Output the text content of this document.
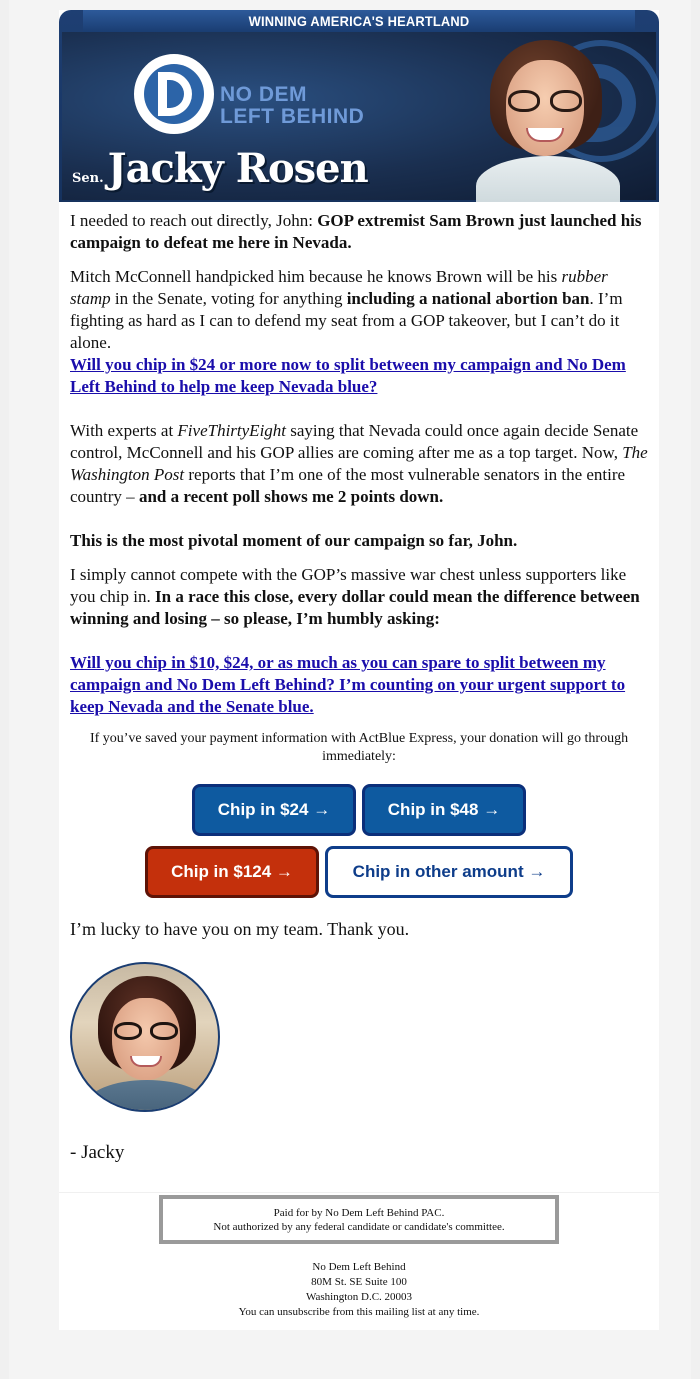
WINNING AMERICA'S HEARTLAND
NO DEM
LEFT BEHIND
Sen. Jacky Rosen

I needed to reach out directly, John: GOP extremist Sam Brown just launched his campaign to defeat me here in Nevada.

Mitch McConnell handpicked him because he knows Brown will be his rubber stamp in the Senate, voting for anything including a national abortion ban. I’m fighting as hard as I can to defend my seat from a GOP takeover, but I can’t do it alone.

Will you chip in $24 or more now to split between my campaign and No Dem Left Behind to help me keep Nevada blue?

With experts at FiveThirtyEight saying that Nevada could once again decide Senate control, McConnell and his GOP allies are coming after me as a top target. Now, The Washington Post reports that I’m one of the most vulnerable senators in the entire country – and a recent poll shows me 2 points down.

This is the most pivotal moment of our campaign so far, John.

I simply cannot compete with the GOP’s massive war chest unless supporters like you chip in. In a race this close, every dollar could mean the difference between winning and losing – so please, I’m humbly asking:

Will you chip in $10, $24, or as much as you can spare to split between my campaign and No Dem Left Behind? I’m counting on your urgent support to keep Nevada and the Senate blue.

If you’ve saved your payment information with ActBlue Express, your donation will go through immediately:
Chip in $24 →	Chip in $48 →
Chip in $124 →	Chip in other amount →
I’m lucky to have you on my team. Thank you.
- Jacky
Paid for by No Dem Left Behind PAC.
Not authorized by any federal candidate or candidate's committee.
No Dem Left Behind
80M St. SE Suite 100
Washington D.C. 20003
You can unsubscribe from this mailing list at any time.
